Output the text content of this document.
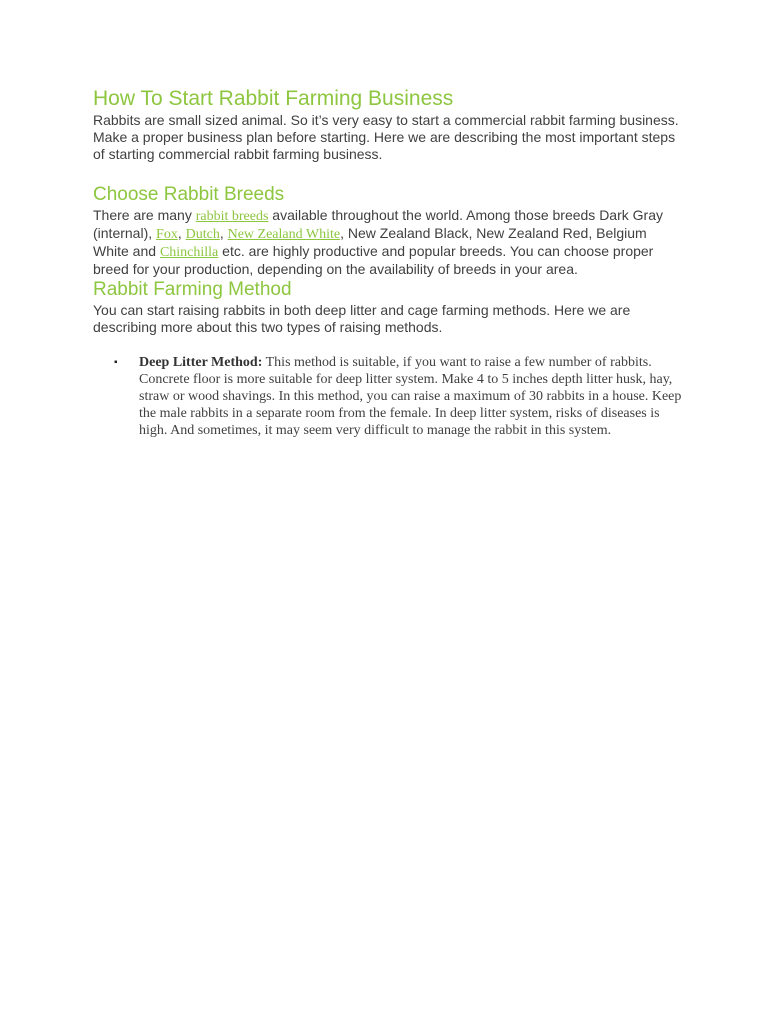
How To Start Rabbit Farming Business

Rabbits are small sized animal. So it’s very easy to start a commercial rabbit farming business. Make a proper business plan before starting. Here we are describing the most important steps of starting commercial rabbit farming business.

Choose Rabbit Breeds

There are many rabbit breeds available throughout the world. Among those breeds Dark Gray (internal), Fox, Dutch, New Zealand White, New Zealand Black, New Zealand Red, Belgium White and Chinchilla etc. are highly productive and popular breeds. You can choose proper breed for your production, depending on the availability of breeds in your area.

Rabbit Farming Method

You can start raising rabbits in both deep litter and cage farming methods. Here we are describing more about this two types of raising methods.

▪ Deep Litter Method: This method is suitable, if you want to raise a few number of rabbits. Concrete floor is more suitable for deep litter system. Make 4 to 5 inches depth litter husk, hay, straw or wood shavings. In this method, you can raise a maximum of 30 rabbits in a house. Keep the male rabbits in a separate room from the female. In deep litter system, risks of diseases is high. And sometimes, it may seem very difficult to manage the rabbit in this system.
